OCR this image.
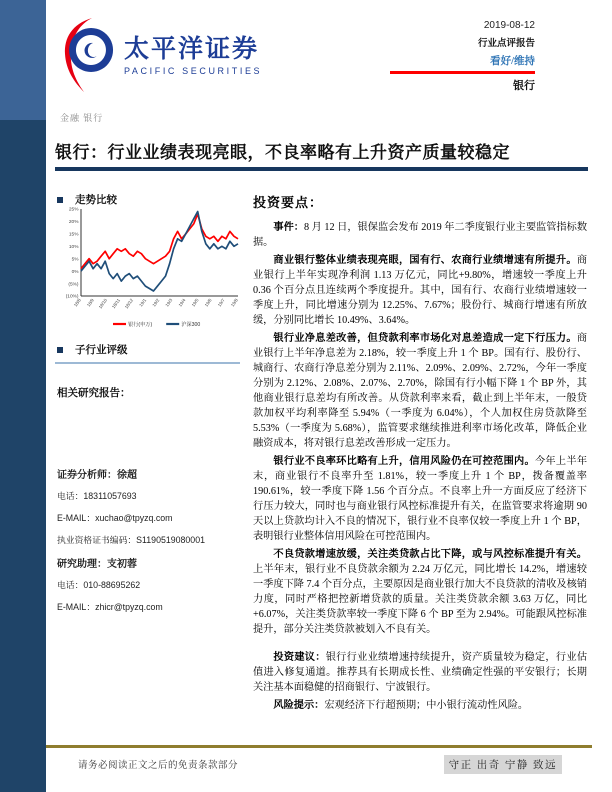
太平洋证券
PACIFIC SECURITIES
2019-08-12
行业点评报告
看好/维持
银行
金融 银行
银行：行业业绩表现亮眼，不良率略有上升资产质量较稳定
走势比较
25%
20%
15%
10%
5%
0%
(5%)
(10%)
18/8 18/9 18/10 18/11 18/12 19/1 19/2 19/3 19/4 19/5 19/6 19/7 19/8
银行(申万)	沪深300
子行业评级
相关研究报告：
证券分析师：徐超
电话：18311057693
E-MAIL：xuchao@tpyzq.com
执业资格证书编码：S1190519080001
研究助理：支初蓉
电话：010-88695262
E-MAIL：zhicr@tpyzq.com
投资要点：

事件：8 月 12 日，银保监会发布 2019 年二季度银行业主要监管指标数据。

商业银行整体业绩表现亮眼，国有行、农商行业绩增速有所提升。商业银行上半年实现净利润 1.13 万亿元，同比+9.80%，增速较一季度上升 0.36 个百分点且连续两个季度提升。其中，国有行、农商行业绩增速较一季度上升，同比增速分别为 12.25%、7.67%；股份行、城商行增速有所放缓，分别同比增长 10.49%、3.64%。

银行业净息差改善，但贷款利率市场化对息差造成一定下行压力。商业银行上半年净息差为 2.18%，较一季度上升 1 个 BP。国有行、股份行、城商行、农商行净息差分别为 2.11%、2.09%、2.09%、2.72%，今年一季度分别为 2.12%、2.08%、2.07%、2.70%，除国有行小幅下降 1 个 BP 外，其他商业银行息差均有所改善。从贷款利率来看，截止到上半年末，一般贷款加权平均利率降至 5.94%（一季度为 6.04%），个人加权住房贷款降至 5.53%（一季度为 5.68%），监管要求继续推进利率市场化改革，降低企业融资成本，将对银行息差改善形成一定压力。

银行业不良率环比略有上升，信用风险仍在可控范围内。今年上半年末，商业银行不良率升至 1.81%，较一季度上升 1 个 BP，拨备覆盖率 190.61%，较一季度下降 1.56 个百分点。不良率上升一方面反应了经济下行压力较大，同时也与商业银行风控标准提升有关，在监管要求将逾期 90 天以上贷款均计入不良的情况下，银行业不良率仅较一季度上升 1 个 BP，表明银行业整体信用风险在可控范围内。

不良贷款增速放缓，关注类贷款占比下降，或与风控标准提升有关。上半年末，银行业不良贷款余额为 2.24 万亿元，同比增长 14.2%，增速较一季度下降 7.4 个百分点，主要原因是商业银行加大不良贷款的清收及核销力度，同时严格把控新增贷款的质量。关注类贷款余额 3.63 万亿，同比+6.07%，关注类贷款率较一季度下降 6 个 BP 至为 2.94%。可能跟风控标准提升，部分关注类贷款被划入不良有关。

投资建议：银行行业业绩增速持续提升，资产质量较为稳定，行业估值进入修复通道。推荐具有长期成长性、业绩确定性强的平安银行；长期关注基本面稳健的招商银行、宁波银行。

风险提示：宏观经济下行超预期；中小银行流动性风险。

请务必阅读正文之后的免责条款部分	守正 出奇 宁静 致远
